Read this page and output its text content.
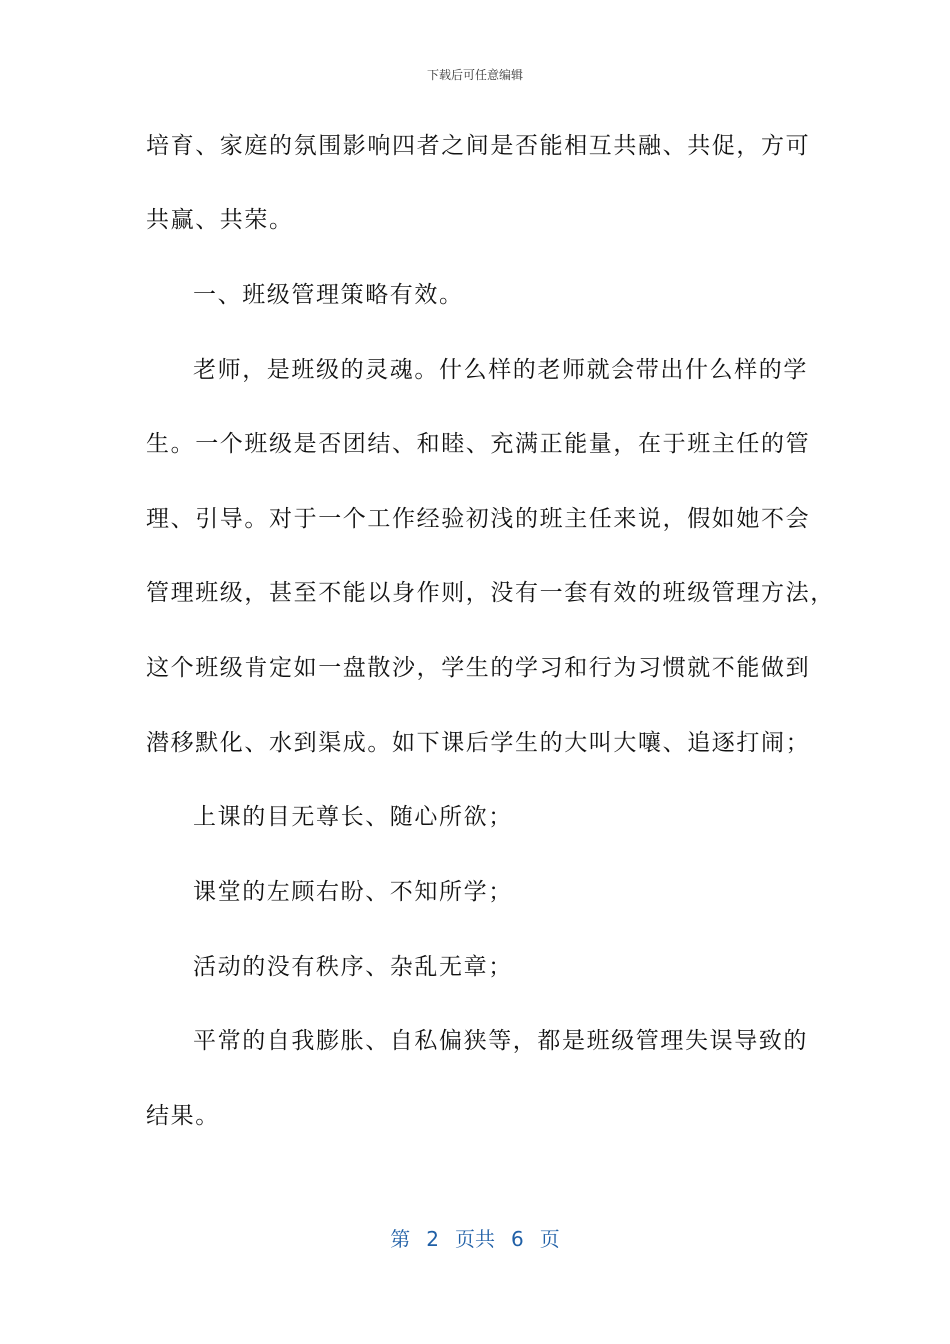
下载后可任意编辑
培育、家庭的氛围影响四者之间是否能相互共融、共促，方可
共赢、共荣。
一、班级管理策略有效。
老师，是班级的灵魂。什么样的老师就会带出什么样的学
生。一个班级是否团结、和睦、充满正能量，在于班主任的管
理、引导。对于一个工作经验初浅的班主任来说，假如她不会
管理班级，甚至不能以身作则，没有一套有效的班级管理方法，
这个班级肯定如一盘散沙，学生的学习和行为习惯就不能做到
潜移默化、水到渠成。如下课后学生的大叫大嚷、追逐打闹；
上课的目无尊长、随心所欲；
课堂的左顾右盼、不知所学；
活动的没有秩序、杂乱无章；
平常的自我膨胀、自私偏狭等，都是班级管理失误导致的
结果。
第 2 页共 6 页
